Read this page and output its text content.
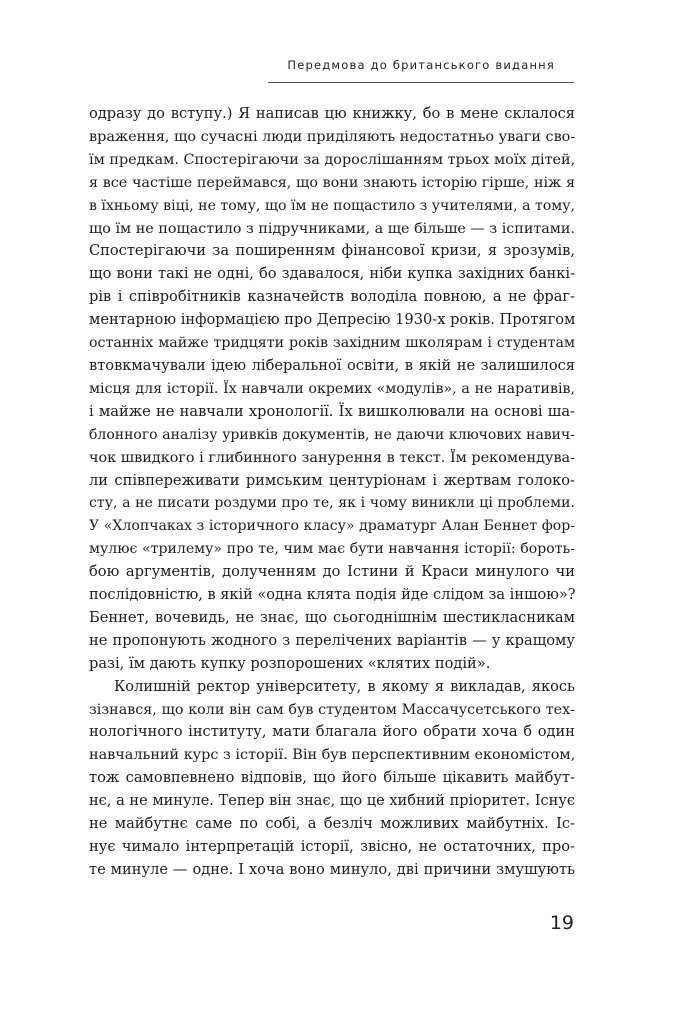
Передмова до британського видання
одразу до вступу.) Я написав цю книжку, бо в мене склалося
враження, що сучасні люди приділяють недостатньо уваги сво-
їм предкам. Спостерігаючи за дорослішанням трьох моїх дітей,
я все частіше переймався, що вони знають історію гірше, ніж я
в їхньому віці, не тому, що їм не пощастило з учителями, а тому,
що їм не пощастило з підручниками, а ще більше — з іспитами.
Спостерігаючи за поширенням фінансової кризи, я зрозумів,
що вони такі не одні, бо здавалося, ніби купка західних банкі-
рів і співробітників казначейств володіла повною, а не фраг-
ментарною інформацією про Депресію 1930-х років. Протягом
останніх майже тридцяти років західним школярам і студентам
втовкмачували ідею ліберальної освіти, в якій не залишилося
місця для історії. Їх навчали окремих «модулів», а не наративів,
і майже не навчали хронології. Їх вишколювали на основі ша-
блонного аналізу уривків документів, не даючи ключових навич-
чок швидкого і глибинного занурення в текст. Їм рекомендува-
ли співпереживати римським центуріонам і жертвам голоко-
сту, а не писати роздуми про те, як і чому виникли ці проблеми.
У «Хлопчаках з історичного класу» драматург Алан Беннет фор-
мулює «трилему» про те, чим має бути навчання історії: бороть-
бою аргументів, долученням до Істини й Краси минулого чи
послідовністю, в якій «одна клята подія йде слідом за іншою»?
Беннет, вочевидь, не знає, що сьогоднішнім шестикласникам
не пропонують жодного з перелічених варіантів — у кращому
разі, їм дають купку розпорошених «клятих подій».
Колишній ректор університету, в якому я викладав, якось
зізнався, що коли він сам був студентом Массачусетського тех-
нологічного інституту, мати благала його обрати хоча б один
навчальний курс з історії. Він був перспективним економістом,
тож самовпевнено відповів, що його більше цікавить майбут-
нє, а не минуле. Тепер він знає, що це хибний пріоритет. Існує
не майбутнє саме по собі, а безліч можливих майбутніх. Іс-
нує чимало інтерпретацій історії, звісно, не остаточних, про-
те минуле — одне. І хоча воно минуло, дві причини змушують
19
